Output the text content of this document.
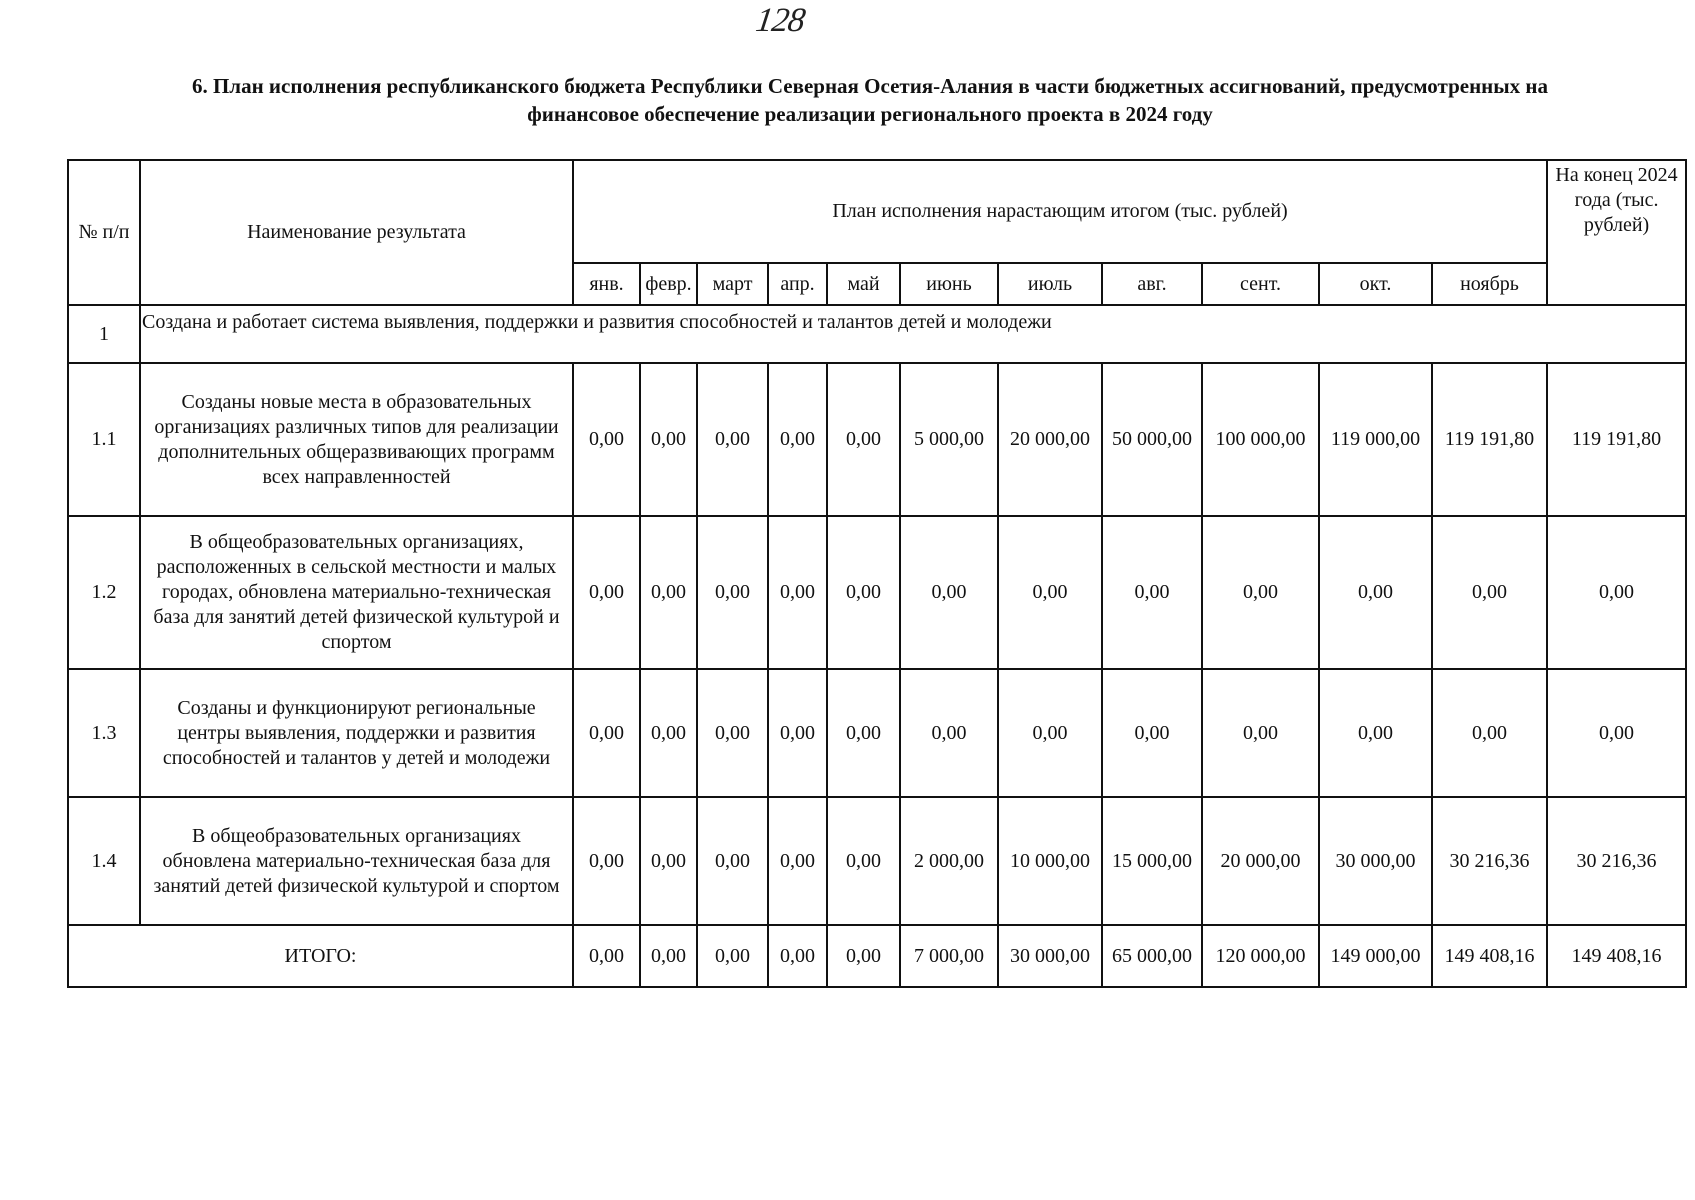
128
6. План исполнения республиканского бюджета Республики Северная Осетия-Алания в части бюджетных ассигнований, предусмотренных на
финансовое обеспечение реализации регионального проекта в 2024 году
№ п/п	Наименование результата	План исполнения нарастающим итогом (тыс. рублей)											На конец 2024 года (тыс. рублей)
		янв.	февр.	март	апр.	май	июнь	июль	авг.	сент.	окт.	ноябрь	
1	Создана и работает система выявления, поддержки и развития способностей и талантов детей и молодежи												
1.1	Созданы новые места в образовательных организациях различных типов для реализации дополнительных общеразвивающих программ всех направленностей	0,00	0,00	0,00	0,00	0,00	5 000,00	20 000,00	50 000,00	100 000,00	119 000,00	119 191,80	119 191,80
1.2	В общеобразовательных организациях, расположенных в сельской местности и малых городах, обновлена материально-техническая база для занятий детей физической культурой и спортом	0,00	0,00	0,00	0,00	0,00	0,00	0,00	0,00	0,00	0,00	0,00	0,00
1.3	Созданы и функционируют региональные центры выявления, поддержки и развития способностей и талантов у детей и молодежи	0,00	0,00	0,00	0,00	0,00	0,00	0,00	0,00	0,00	0,00	0,00	0,00
1.4	В общеобразовательных организациях обновлена материально-техническая база для занятий детей физической культурой и спортом	0,00	0,00	0,00	0,00	0,00	2 000,00	10 000,00	15 000,00	20 000,00	30 000,00	30 216,36	30 216,36
ИТОГО:		0,00	0,00	0,00	0,00	0,00	7 000,00	30 000,00	65 000,00	120 000,00	149 000,00	149 408,16	149 408,16
